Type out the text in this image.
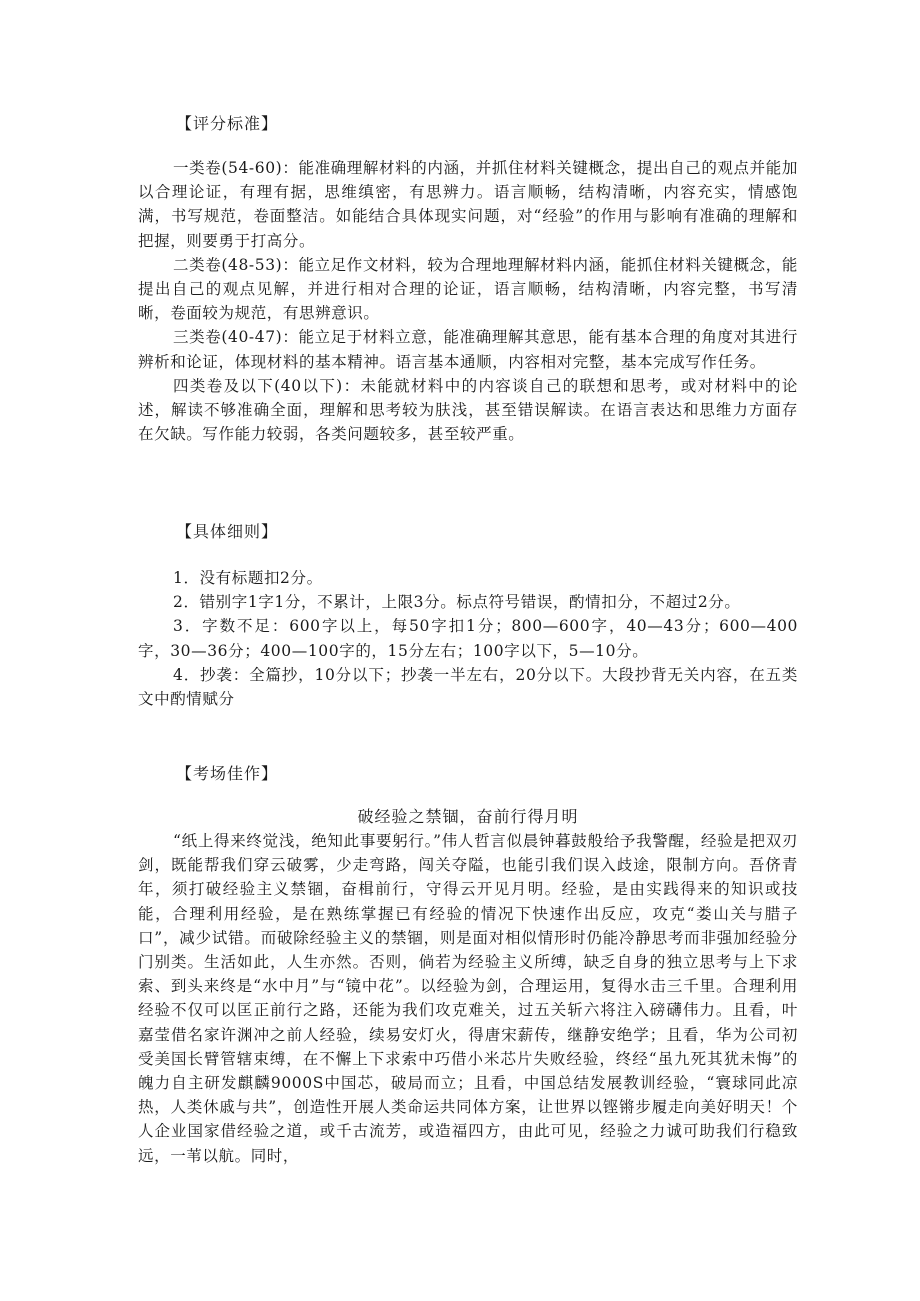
【评分标准】

一类卷(54-60)：能准确理解材料的内涵，并抓住材料关键概念，提出自己的观点并能加以合理论证，有理有据，思维缜密，有思辨力。语言顺畅，结构清晰，内容充实，情感饱满，书写规范，卷面整洁。如能结合具体现实问题，对“经验”的作用与影响有准确的理解和把握，则要勇于打高分。

二类卷(48-53)：能立足作文材料，较为合理地理解材料内涵，能抓住材料关键概念，能提出自己的观点见解，并进行相对合理的论证，语言顺畅，结构清晰，内容完整，书写清晰，卷面较为规范，有思辨意识。

三类卷(40-47)：能立足于材料立意，能准确理解其意思，能有基本合理的角度对其进行辨析和论证，体现材料的基本精神。语言基本通顺，内容相对完整，基本完成写作任务。

四类卷及以下(40以下)：未能就材料中的内容谈自己的联想和思考，或对材料中的论述，解读不够准确全面，理解和思考较为肤浅，甚至错误解读。在语言表达和思维力方面存在欠缺。写作能力较弱，各类问题较多，甚至较严重。

【具体细则】

1．没有标题扣2分。

2．错别字1字1分，不累计，上限3分。标点符号错误，酌情扣分，不超过2分。

3．字数不足：600字以上，每50字扣1分；800—600字，40—43分；600—400字，30—36分；400—100字的，15分左右；100字以下，5—10分。

4．抄袭：全篇抄，10分以下；抄袭一半左右，20分以下。大段抄背无关内容，在五类文中酌情赋分

【考场佳作】

破经验之禁锢，奋前行得月明

“纸上得来终觉浅，绝知此事要躬行。”伟人哲言似晨钟暮鼓般给予我警醒，经验是把双刃剑，既能帮我们穿云破雾，少走弯路，闯关夺隘，也能引我们误入歧途，限制方向。吾侪青年，须打破经验主义禁锢，奋楫前行，守得云开见月明。经验，是由实践得来的知识或技能，合理利用经验，是在熟练掌握已有经验的情况下快速作出反应，攻克“娄山关与腊子口”，减少试错。而破除经验主义的禁锢，则是面对相似情形时仍能冷静思考而非强加经验分门别类。生活如此，人生亦然。否则，倘若为经验主义所缚，缺乏自身的独立思考与上下求索、到头来终是“水中月”与“镜中花”。以经验为剑，合理运用，复得水击三千里。合理利用经验不仅可以匡正前行之路，还能为我们攻克难关，过五关斩六将注入磅礴伟力。且看，叶嘉莹借名家许渊冲之前人经验，续易安灯火，得唐宋薪传，继静安绝学；且看，华为公司初受美国长臂管辖束缚，在不懈上下求索中巧借小米芯片失败经验，终经“虽九死其犹未悔”的魄力自主研发麒麟9000S中国芯，破局而立；且看，中国总结发展教训经验，“寰球同此凉热，人类休戚与共”，创造性开展人类命运共同体方案，让世界以铿锵步履走向美好明天！个人企业国家借经验之道，或千古流芳，或造福四方，由此可见，经验之力诚可助我们行稳致远，一苇以航。同时，
